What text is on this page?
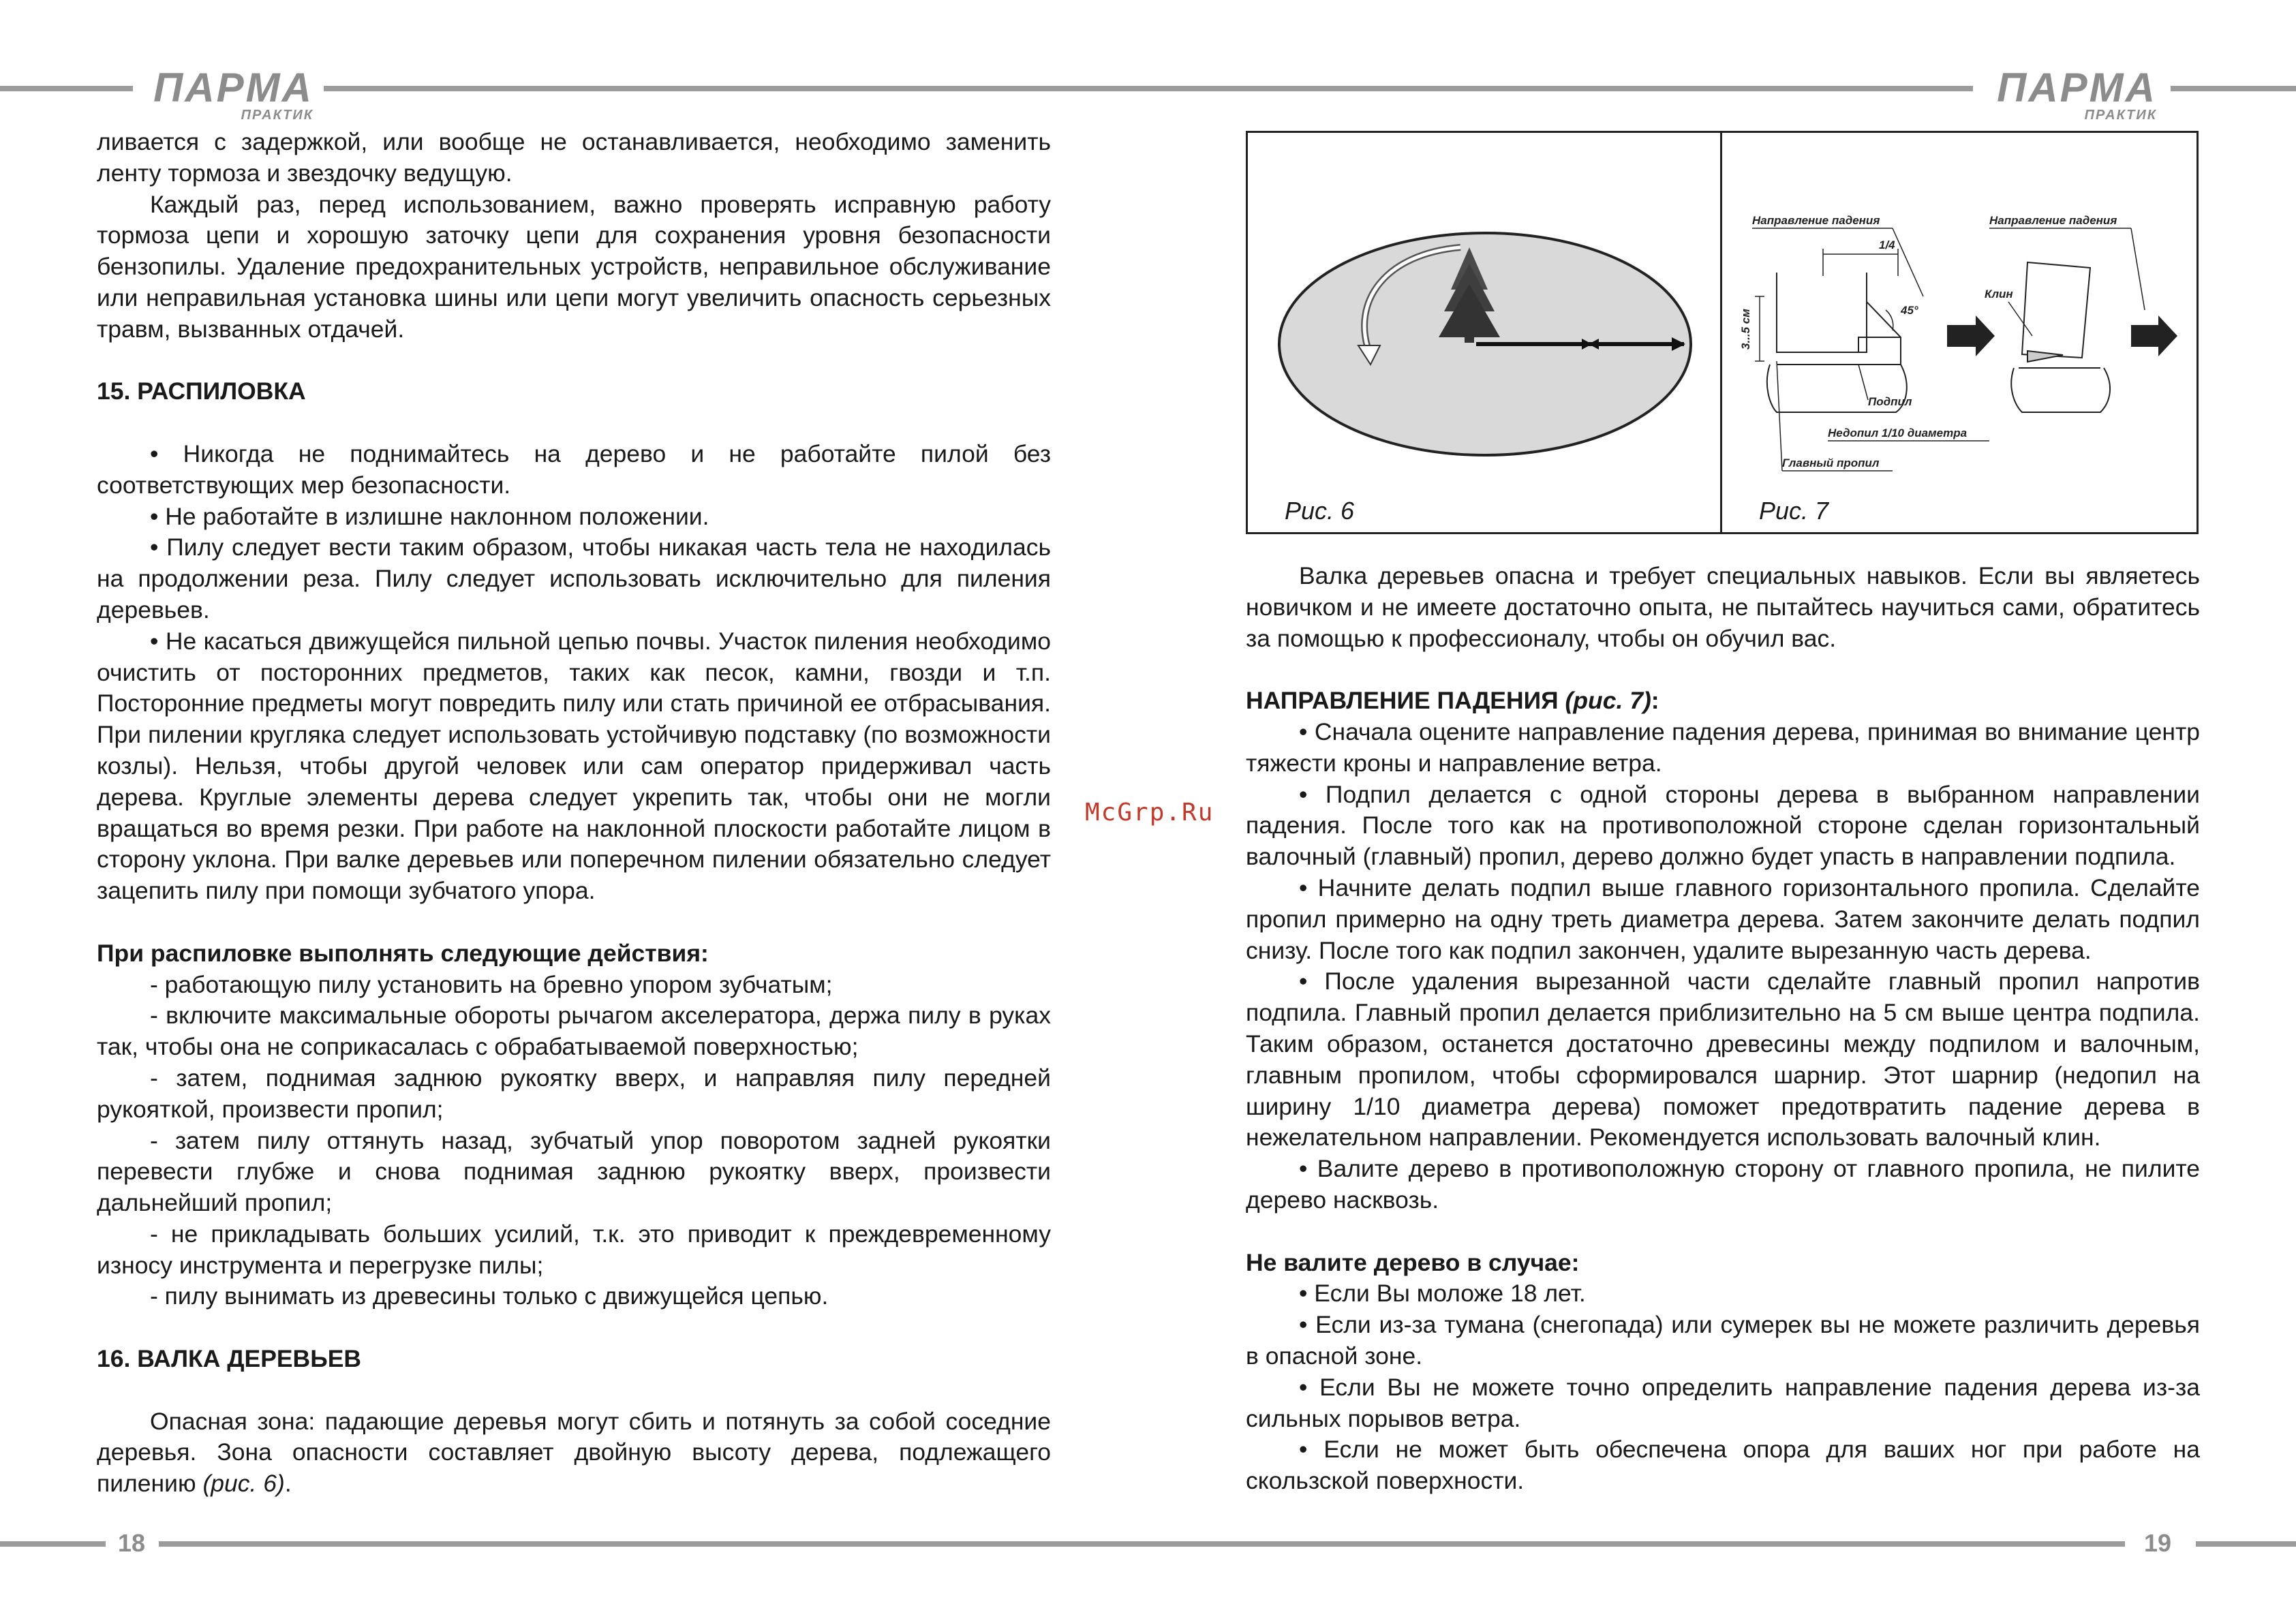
ПАРМА
ПРАКТИК
ПАРМА
ПРАКТИК

ливается с задержкой, или вообще не останавливается, необходимо заменить ленту тормоза и звездочку ведущую.

Каждый раз, перед использованием, важно проверять исправную работу тормоза цепи и хорошую заточку цепи для сохранения уровня безопасности бензопилы. Удаление предохранительных устройств, неправильное обслуживание или неправильная установка шины или цепи могут увеличить опасность серьезных травм, вызванных отдачей.

15. РАСПИЛОВКА

• Никогда не поднимайтесь на дерево и не работайте пилой без соответствующих мер безопасности.

• Не работайте в излишне наклонном положении.

• Пилу следует вести таким образом, чтобы никакая часть тела не находилась на продолжении реза. Пилу следует использовать исключительно для пиления деревьев.

• Не касаться движущейся пильной цепью почвы. Участок пиления необходимо очистить от посторонних предметов, таких как песок, камни, гвозди и т.п. Посторонние предметы могут повредить пилу или стать причиной ее отбрасывания. При пилении кругляка следует использовать устойчивую подставку (по возможности козлы). Нельзя, чтобы другой человек или сам оператор придерживал часть дерева. Круглые элементы дерева следует укрепить так, чтобы они не могли вращаться во время резки. При работе на наклонной плоскости работайте лицом в сторону уклона. При валке деревьев или поперечном пилении обязательно следует зацепить пилу при помощи зубчатого упора.

При распиловке выполнять следующие действия:

- работающую пилу установить на бревно упором зубчатым;

- включите максимальные обороты рычагом акселератора, держа пилу в руках так, чтобы она не соприкасалась с обрабатываемой поверхностью;

- затем, поднимая заднюю рукоятку вверх, и направляя пилу передней рукояткой, произвести пропил;

- затем пилу оттянуть назад, зубчатый упор поворотом задней рукоятки перевести глубже и снова поднимая заднюю рукоятку вверх, произвести дальнейший пропил;

- не прикладывать больших усилий, т.к. это приводит к преждевременному износу инструмента и перегрузке пилы;

- пилу вынимать из древесины только с движущейся цепью.

16. ВАЛКА ДЕРЕВЬЕВ

Опасная зона: падающие деревья могут сбить и потянуть за собой соседние деревья. Зона опасности составляет двойную высоту дерева, подлежащего пилению (рис. 6).

McGrp.Ru
Рис. 6
Направление падения
1/4
3...5 см	45°
Направление падения
Клин
Подпил
Недопил 1/10 диаметра
Главный пропил
Рис. 7

Валка деревьев опасна и требует специальных навыков. Если вы являетесь новичком и не имеете достаточно опыта, не пытайтесь научиться сами, обратитесь за помощью к профессионалу, чтобы он обучил вас.

НАПРАВЛЕНИЕ ПАДЕНИЯ (рис. 7):

• Сначала оцените направление падения дерева, принимая во внимание центр тяжести кроны и направление ветра.

• Подпил делается с одной стороны дерева в выбранном направлении падения. После того как на противоположной стороне сделан горизонтальный валочный (главный) пропил, дерево должно будет упасть в направлении подпила.

• Начните делать подпил выше главного горизонтального пропила. Сделайте пропил примерно на одну треть диаметра дерева. Затем закончите делать подпил снизу. После того как подпил закончен, удалите вырезанную часть дерева.

• После удаления вырезанной части сделайте главный пропил напротив подпила. Главный пропил делается приблизительно на 5 см выше центра подпила. Таким образом, останется достаточно древесины между подпилом и валочным, главным пропилом, чтобы сформировался шарнир. Этот шарнир (недопил на ширину 1/10 диаметра дерева) поможет предотвратить падение дерева в нежелательном направлении. Рекомендуется использовать валочный клин.

• Валите дерево в противоположную сторону от главного пропила, не пилите дерево насквозь.

Не валите дерево в случае:

• Если Вы моложе 18 лет.

• Если из-за тумана (снегопада) или сумерек вы не можете различить деревья в опасной зоне.

• Если Вы не можете точно определить направление падения дерева из-за сильных порывов ветра.

• Если не может быть обеспечена опора для ваших ног при работе на скользской поверхности.

18	19
